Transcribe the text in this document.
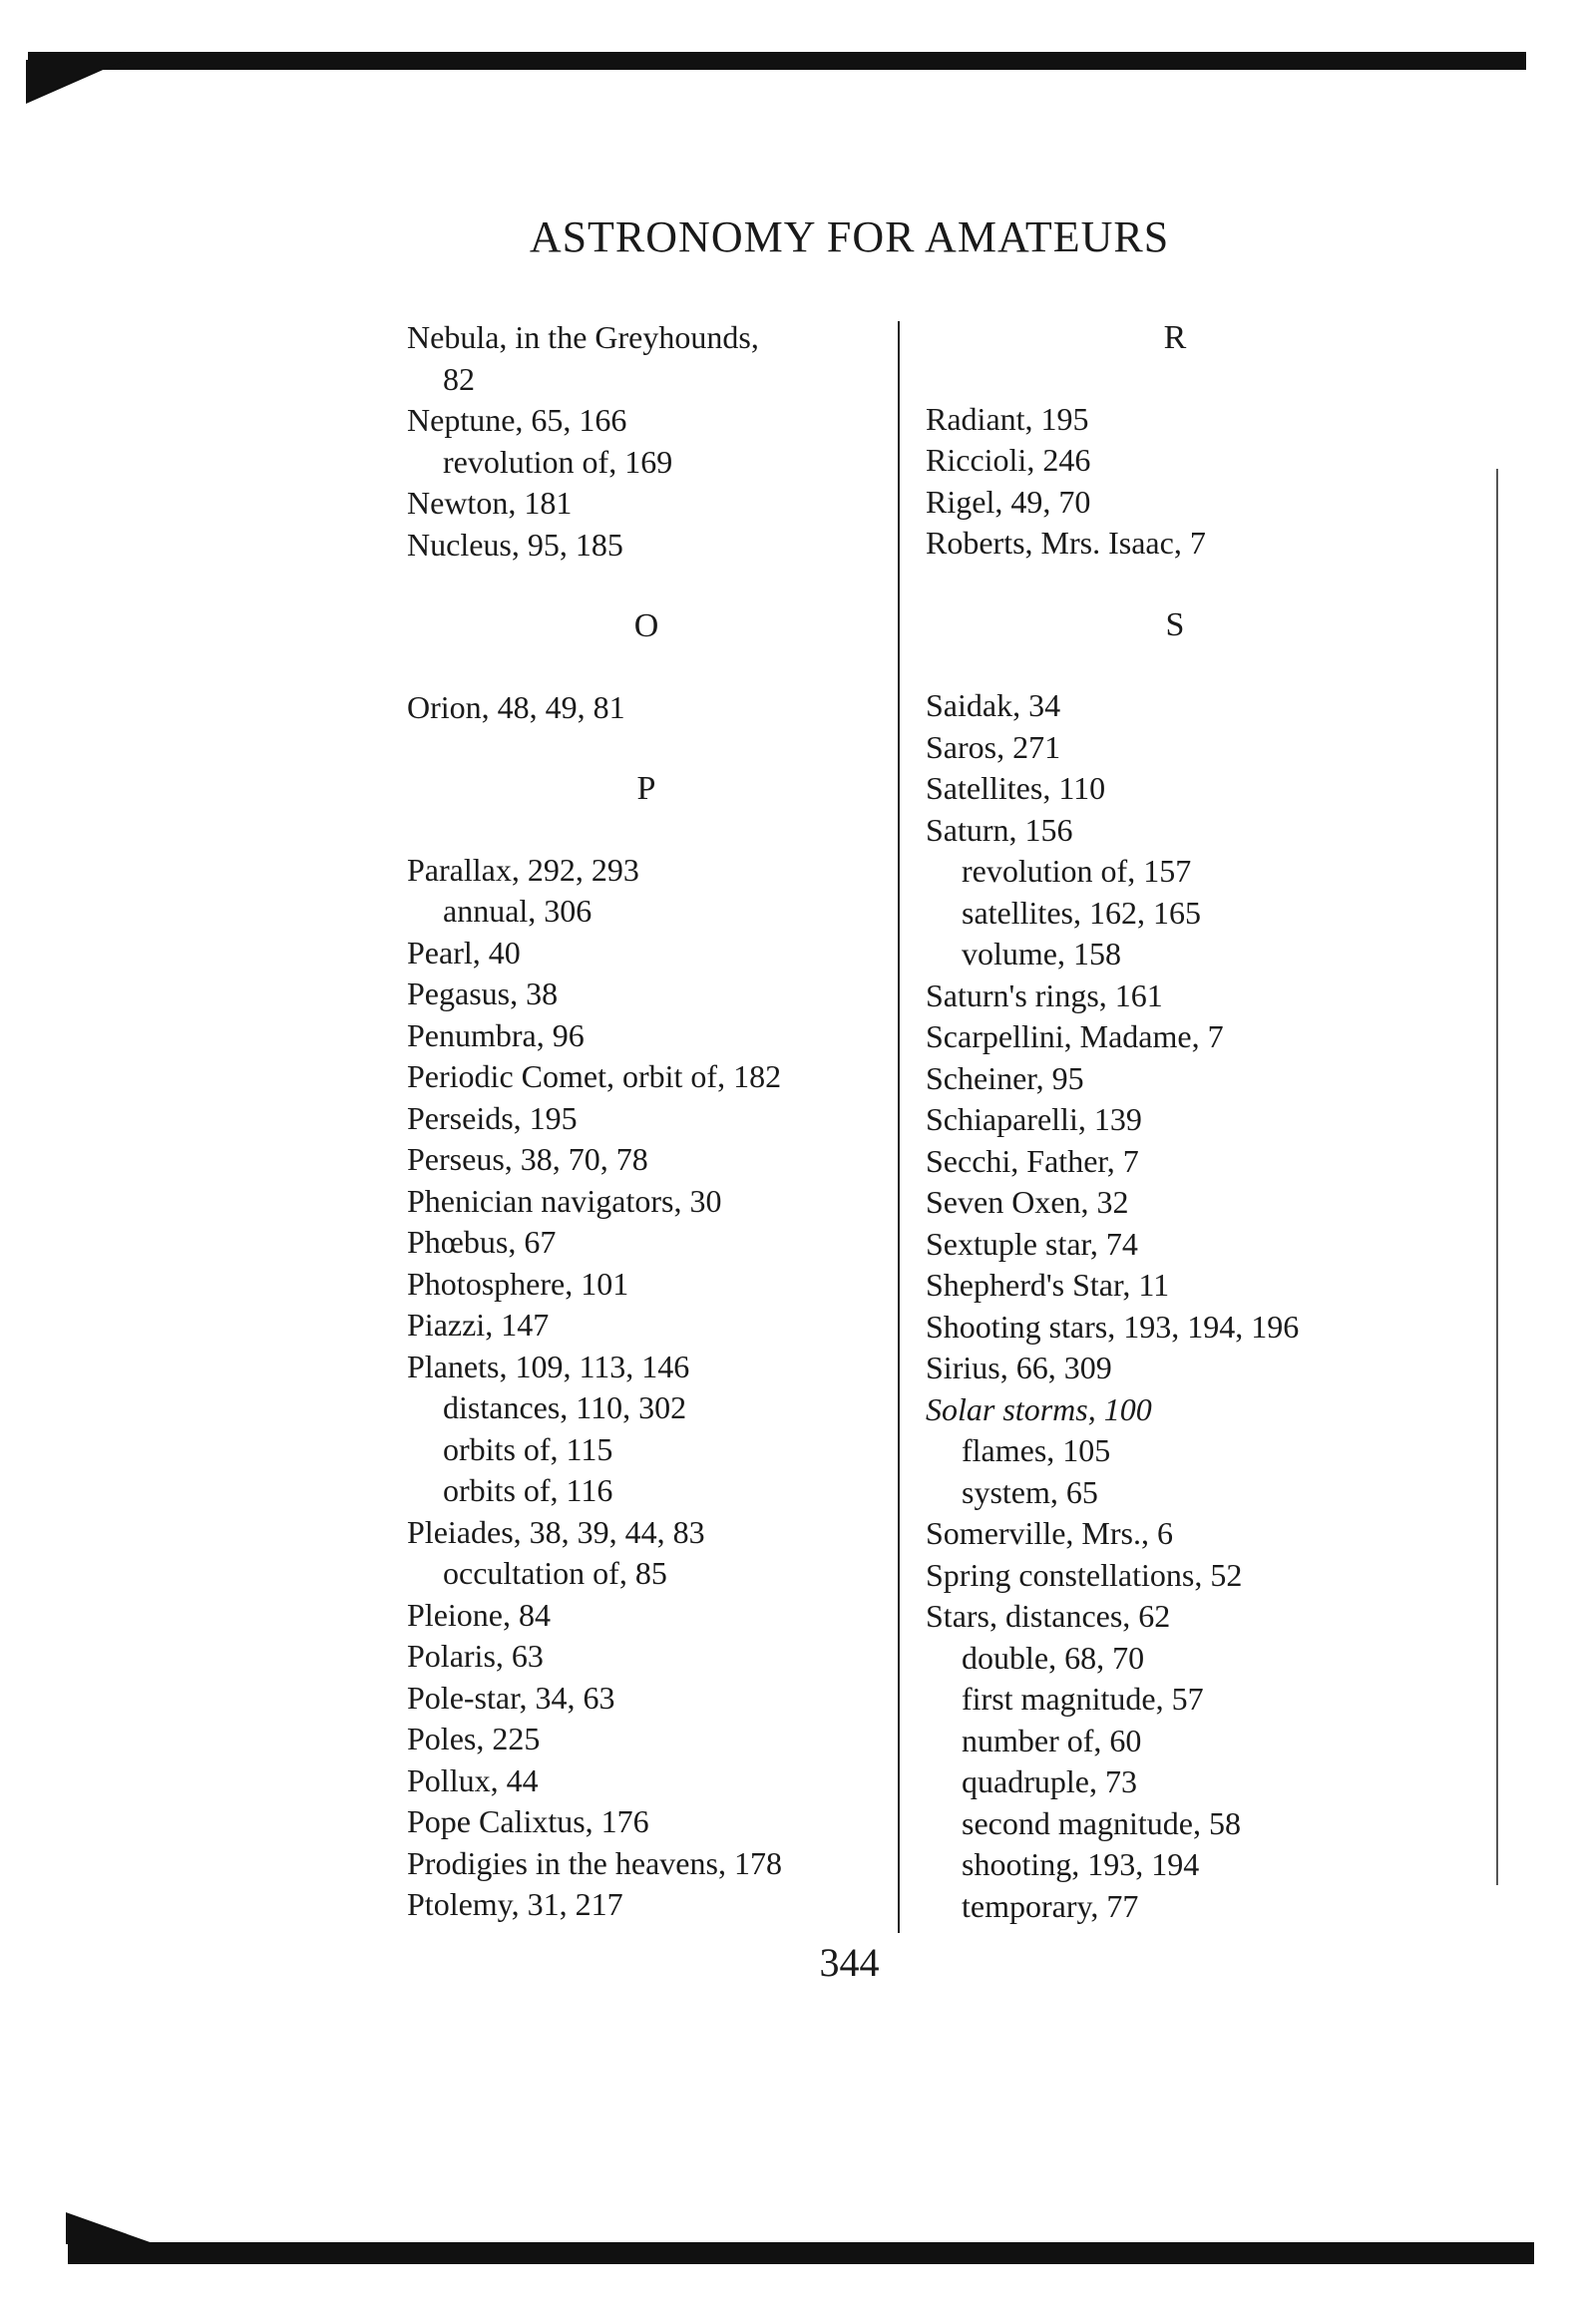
ASTRONOMY FOR AMATEURS
Nebula, in the Greyhounds,
82
Neptune, 65, 166
revolution of, 169
Newton, 181
Nucleus, 95, 185
O
Orion, 48, 49, 81
P
Parallax, 292, 293
annual, 306
Pearl, 40
Pegasus, 38
Penumbra, 96
Periodic Comet, orbit of, 182
Perseids, 195
Perseus, 38, 70, 78
Phenician navigators, 30
Phœbus, 67
Photosphere, 101
Piazzi, 147
Planets, 109, 113, 146
distances, 110, 302
orbits of, 115
orbits of, 116
Pleiades, 38, 39, 44, 83
occultation of, 85
Pleione, 84
Polaris, 63
Pole-star, 34, 63
Poles, 225
Pollux, 44
Pope Calixtus, 176
Prodigies in the heavens, 178
Ptolemy, 31, 217
R
Radiant, 195
Riccioli, 246
Rigel, 49, 70
Roberts, Mrs. Isaac, 7
S
Saidak, 34
Saros, 271
Satellites, 110
Saturn, 156
revolution of, 157
satellites, 162, 165
volume, 158
Saturn's rings, 161
Scarpellini, Madame, 7
Scheiner, 95
Schiaparelli, 139
Secchi, Father, 7
Seven Oxen, 32
Sextuple star, 74
Shepherd's Star, 11
Shooting stars, 193, 194, 196
Sirius, 66, 309
Solar storms, 100
flames, 105
system, 65
Somerville, Mrs., 6
Spring constellations, 52
Stars, distances, 62
double, 68, 70
first magnitude, 57
number of, 60
quadruple, 73
second magnitude, 58
shooting, 193, 194
temporary, 77
344
